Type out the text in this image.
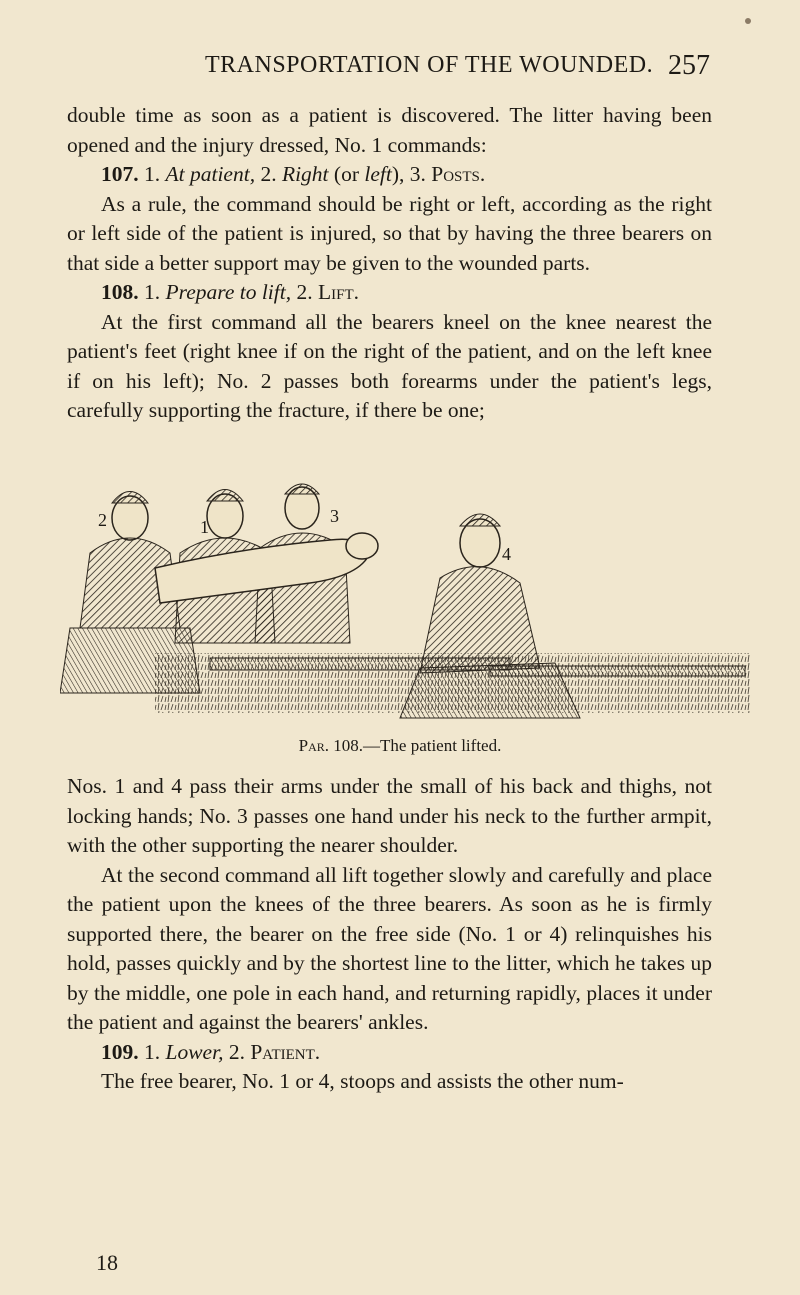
TRANSPORTATION OF THE WOUNDED. 257

double time as soon as a patient is discovered. The litter having been opened and the injury dressed, No. 1 commands:

107. 1. At patient, 2. Right (or left), 3. Posts.

As a rule, the command should be right or left, according as the right or left side of the patient is injured, so that by having the three bearers on that side a better support may be given to the wounded parts.

108. 1. Prepare to lift, 2. Lift.

At the first command all the bearers kneel on the knee nearest the patient's feet (right knee if on the right of the patient, and on the left knee if on his left); No. 2 passes both forearms under the patient's legs, carefully supporting the fracture, if there be one;

2	1
3
4
Par. 108.—The patient lifted.

Nos. 1 and 4 pass their arms under the small of his back and thighs, not locking hands; No. 3 passes one hand under his neck to the further armpit, with the other supporting the nearer shoulder.

At the second command all lift together slowly and carefully and place the patient upon the knees of the three bearers. As soon as he is firmly supported there, the bearer on the free side (No. 1 or 4) relinquishes his hold, passes quickly and by the shortest line to the litter, which he takes up by the middle, one pole in each hand, and returning rapidly, places it under the patient and against the bearers' ankles.

109. 1. Lower, 2. Patient.

The free bearer, No. 1 or 4, stoops and assists the other num-

18
